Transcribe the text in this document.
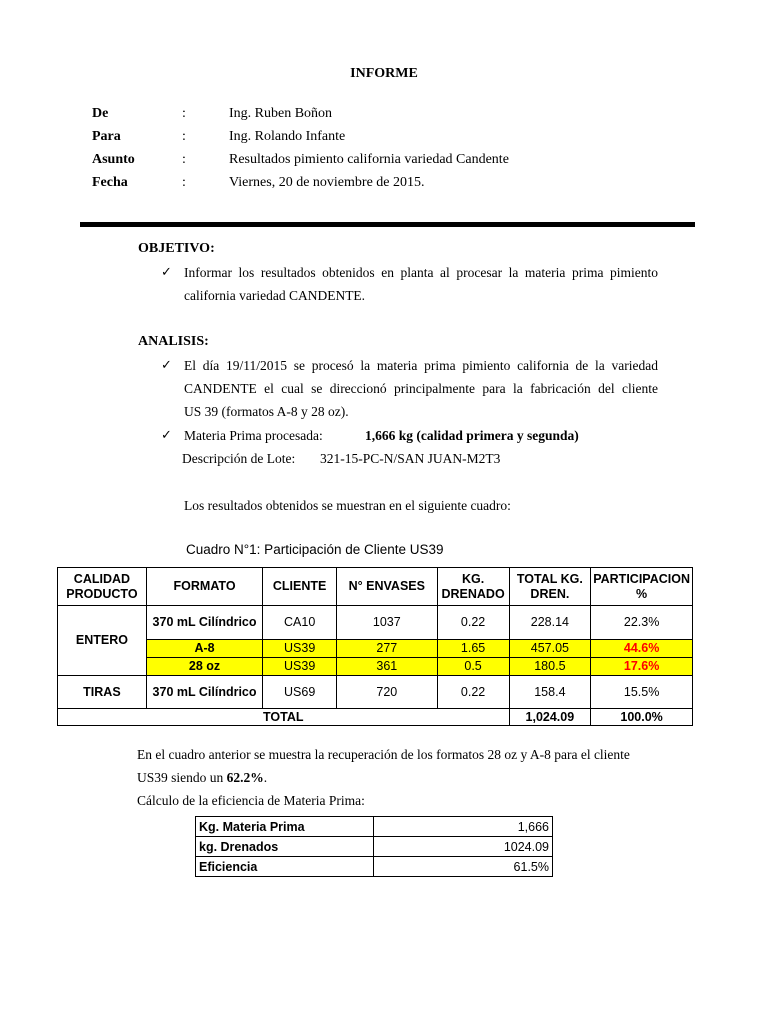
INFORME
De	:	Ing. Ruben Boñon
Para	:	Ing. Rolando Infante
Asunto	:	Resultados pimiento california variedad Candente
Fecha	:	Viernes, 20 de noviembre de 2015.
OBJETIVO:
✓ Informar los resultados obtenidos en planta al procesar la materia prima pimiento
california variedad CANDENTE.
ANALISIS:
✓ El día 19/11/2015 se procesó la materia prima pimiento california de la variedad
CANDENTE el cual se direccionó principalmente para la fabricación del cliente
US 39 (formatos A-8 y 28 oz).
✓ Materia Prima procesada:	1,666 kg (calidad primera y segunda)
Descripción de Lote: 321-15-PC-N/SAN JUAN-M2T3
Los resultados obtenidos se muestran en el siguiente cuadro:
Cuadro N°1: Participación de Cliente US39
CALIDAD PRODUCTO	FORMATO	CLIENTE	N° ENVASES	KG. DRENADO	TOTAL KG. DREN.	PARTICIPACION %
ENTERO	370 mL Cilíndrico	CA10	1037	0.22	228.14	22.3%
	A-8	US39	277	1.65	457.05	44.6%
	28 oz	US39	361	0.5	180.5	17.6%
TIRAS	370 mL Cilíndrico	US69	720	0.22	158.4	15.5%
TOTAL					1,024.09	100.0%
En el cuadro anterior se muestra la recuperación de los formatos 28 oz y A-8 para el cliente
US39 siendo un 62.2%.
Cálculo de la eficiencia de Materia Prima:
Kg. Materia Prima	1,666
kg. Drenados	1024.09
Eficiencia	61.5%
